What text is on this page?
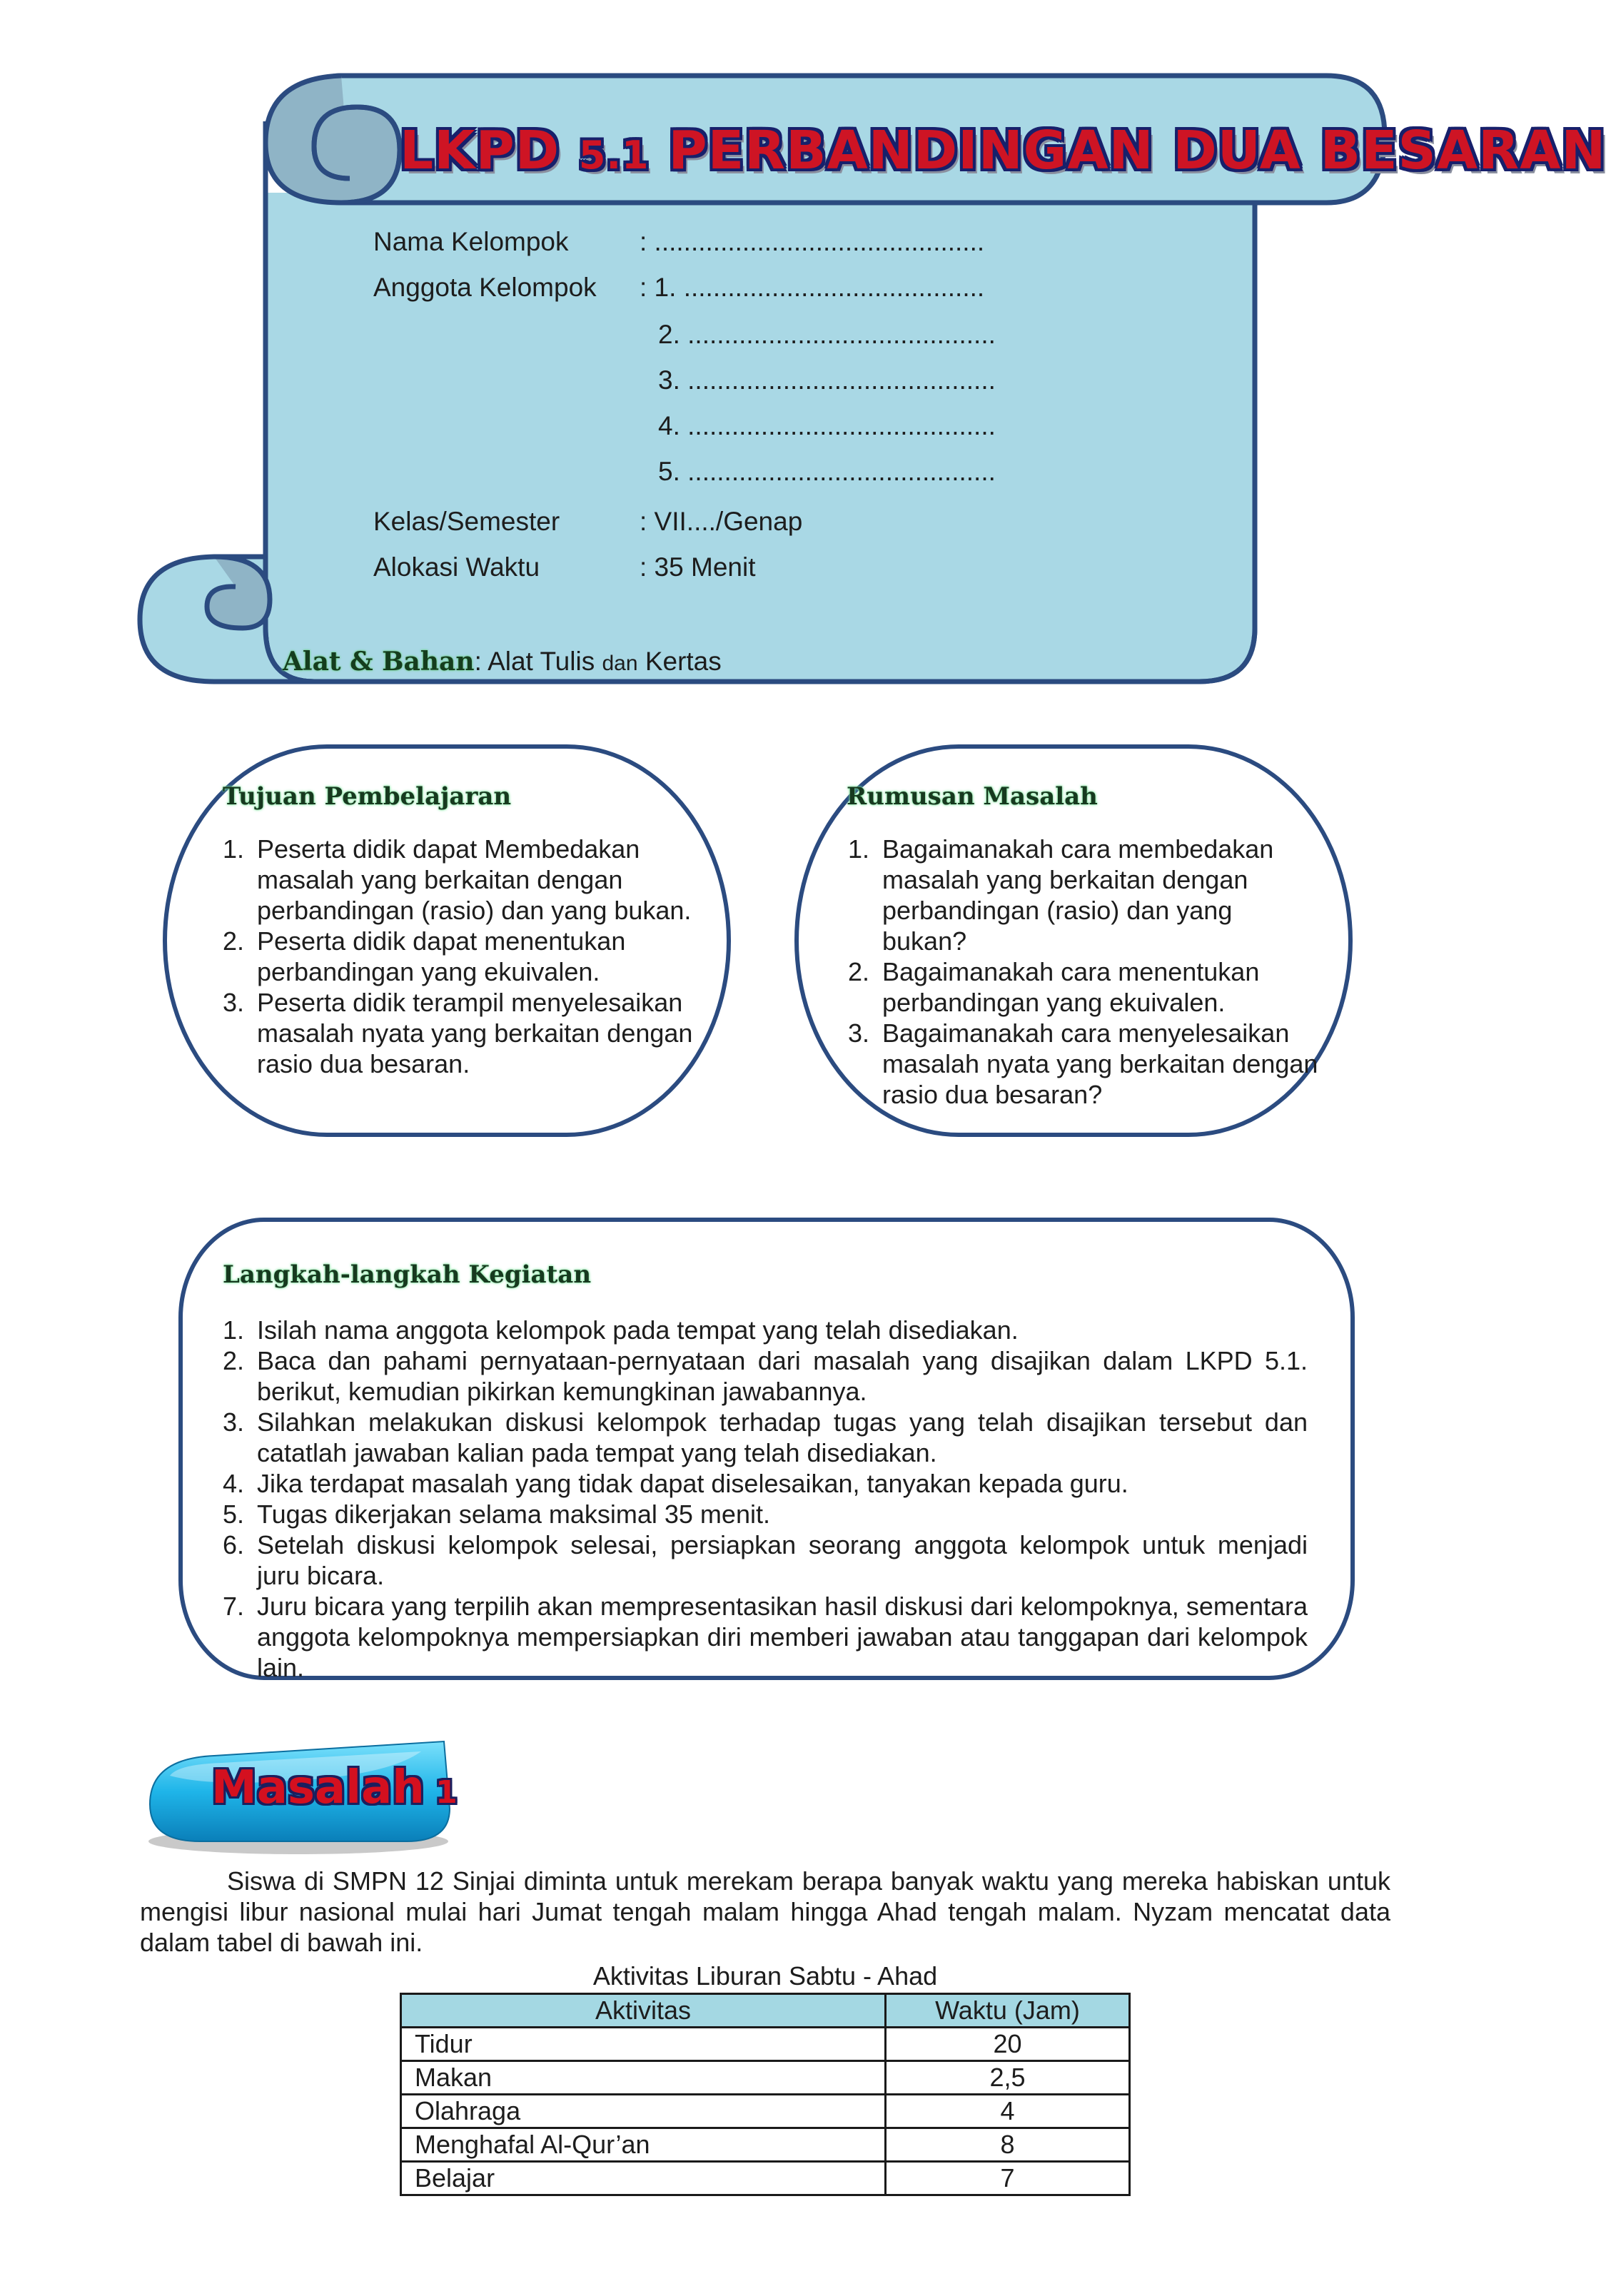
LKPD 5.1 PERBANDINGAN DUA BESARAN
Nama Kelompok	: .............................................
Anggota Kelompok : 1. .........................................
2. ..........................................
3. ..........................................
4. ..........................................
5. ..........................................
Kelas/Semester	: VII..../Genap
Alokasi Waktu	: 35 Menit
Alat & Bahan: Alat Tulis dan Kertas
Tujuan Pembelajaran
1. Peserta didik dapat Membedakan masalah yang berkaitan dengan perbandingan (rasio) dan yang bukan.
2. Peserta didik dapat menentukan perbandingan yang ekuivalen.
3. Peserta didik terampil menyelesaikan masalah nyata yang berkaitan dengan rasio dua besaran.
Rumusan Masalah
1. Bagaimanakah cara membedakan masalah yang berkaitan dengan perbandingan (rasio) dan yang bukan?
2. Bagaimanakah cara menentukan perbandingan yang ekuivalen.
3. Bagaimanakah cara menyelesaikan masalah nyata yang berkaitan dengan rasio dua besaran?
Langkah-langkah Kegiatan
1. Isilah nama anggota kelompok pada tempat yang telah disediakan.
2. Baca dan pahami pernyataan-pernyataan dari masalah yang disajikan dalam LKPD 5.1. berikut, kemudian pikirkan kemungkinan jawabannya.
3. Silahkan melakukan diskusi kelompok terhadap tugas yang telah disajikan tersebut dan catatlah jawaban kalian pada tempat yang telah disediakan.
4. Jika terdapat masalah yang tidak dapat diselesaikan, tanyakan kepada guru.
5. Tugas dikerjakan selama maksimal 35 menit.
6. Setelah diskusi kelompok selesai, persiapkan seorang anggota kelompok untuk menjadi juru bicara.
7. Juru bicara yang terpilih akan mempresentasikan hasil diskusi dari kelompoknya, sementara anggota kelompoknya mempersiapkan diri memberi jawaban atau tanggapan dari kelompok lain.
Masalah 1
Siswa di SMPN 12 Sinjai diminta untuk merekam berapa banyak waktu yang mereka habiskan untuk mengisi libur nasional mulai hari Jumat tengah malam hingga Ahad tengah malam. Nyzam mencatat data dalam tabel di bawah ini.
Aktivitas Liburan Sabtu - Ahad
Aktivitas	Waktu (Jam)
Tidur	20
Makan	2,5
Olahraga	4
Menghafal Al-Qur’an	8
Belajar	7
